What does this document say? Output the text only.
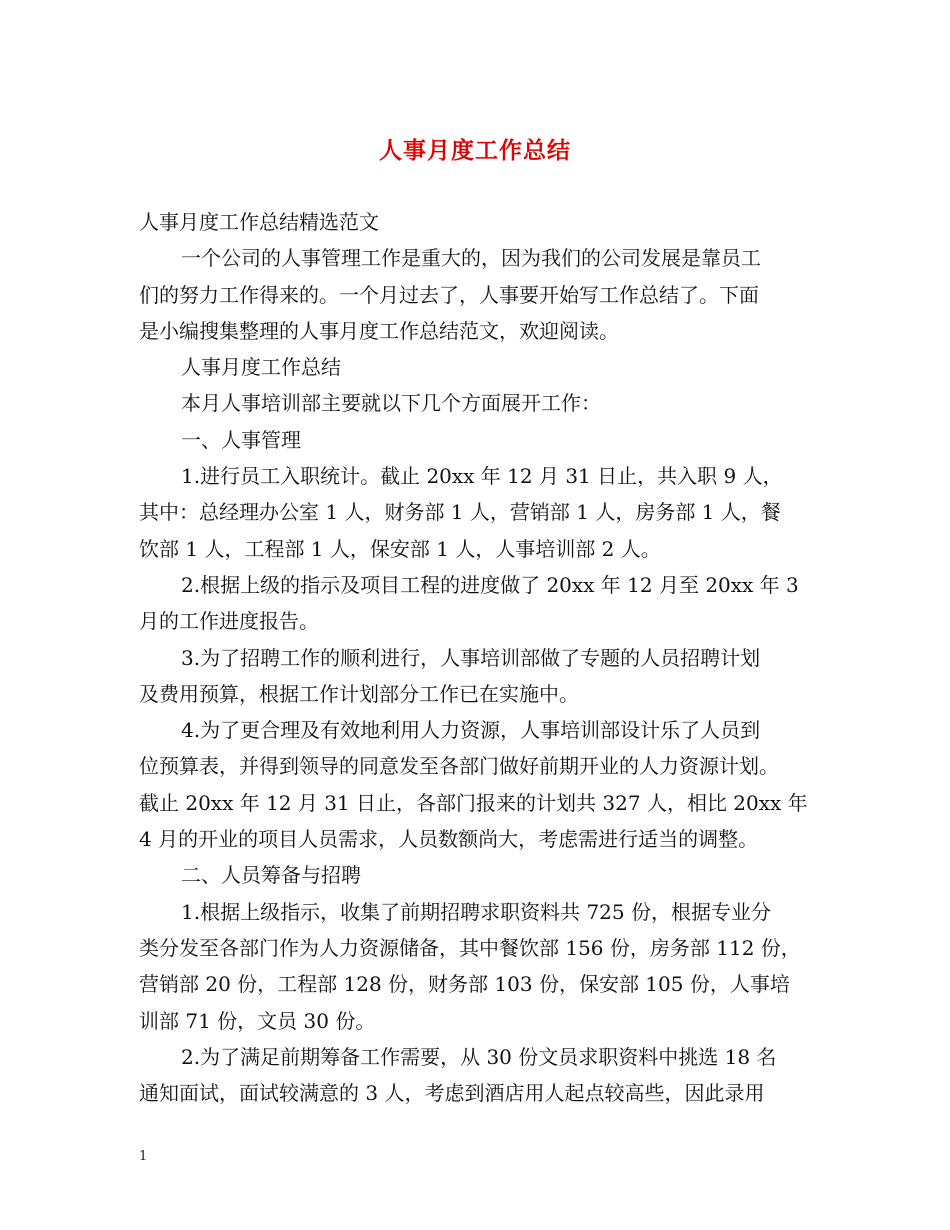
人事月度工作总结
人事月度工作总结精选范文
一个公司的人事管理工作是重大的，因为我们的公司发展是靠员工
们的努力工作得来的。一个月过去了，人事要开始写工作总结了。下面
是小编搜集整理的人事月度工作总结范文，欢迎阅读。
人事月度工作总结
本月人事培训部主要就以下几个方面展开工作：
一、人事管理
1.进行员工入职统计。截止 20xx 年 12 月 31 日止，共入职 9 人，
其中：总经理办公室 1 人，财务部 1 人，营销部 1 人，房务部 1 人，餐
饮部 1 人，工程部 1 人，保安部 1 人，人事培训部 2 人。
2.根据上级的指示及项目工程的进度做了 20xx 年 12 月至 20xx 年 3
月的工作进度报告。
3.为了招聘工作的顺利进行，人事培训部做了专题的人员招聘计划
及费用预算，根据工作计划部分工作已在实施中。
4.为了更合理及有效地利用人力资源，人事培训部设计乐了人员到
位预算表，并得到领导的同意发至各部门做好前期开业的人力资源计划。
截止 20xx 年 12 月 31 日止，各部门报来的计划共 327 人，相比 20xx 年
4 月的开业的项目人员需求，人员数额尚大，考虑需进行适当的调整。
二、人员筹备与招聘
1.根据上级指示，收集了前期招聘求职资料共 725 份，根据专业分
类分发至各部门作为人力资源储备，其中餐饮部 156 份，房务部 112 份，
营销部 20 份，工程部 128 份，财务部 103 份，保安部 105 份，人事培
训部 71 份，文员 30 份。
2.为了满足前期筹备工作需要，从 30 份文员求职资料中挑选 18 名
通知面试，面试较满意的 3 人，考虑到酒店用人起点较高些，因此录用
1
